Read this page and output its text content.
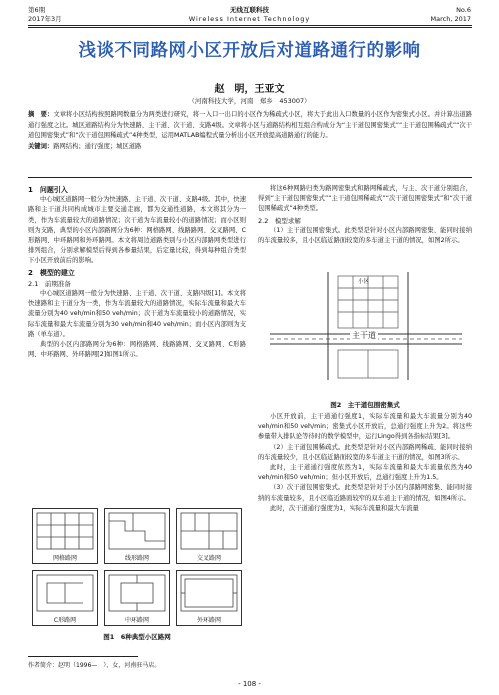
第6期
2017年3月
无线互联科技
Wireless Internet Technology
No.6
March, 2017
浅谈不同路网小区开放后对道路通行的影响
赵　明，王亚文
（河南科技大学，河南　郑乡　453007）
摘　要：文章将小区结构按照路网数量分为两类进行研究，将一入口一出口的小区作为稀疏式小区，将大于此出入口数量的小区作为密集式小区。并计算出道路通行强度之比。城区道路结构分为快速路、主干道、次干道、支路4级。文章将小区与道路结构相互组合构成分为“主干道包围密集式”“主干道包围稀疏式”“次干道包围密集式”和“次干道包围稀疏式”4种类型，运用MATLAB编程式量分析出小区开放提高道路通行的能力。
关键词：路网结构；通行强度；城区道路

1　问题引入

中心城区道路网一般分为快速路、主干道、次干道、支路4级。其中，快速路和主干道共同构成城市主要交通走廊，都为交通性道路，本文将其分为一类，作为车流量较大的道路情况；次干道为车流量较小的道路情况；而小区则则为支路，典型的小区内部路网分为6种：网格路网、线路路网、交叉路网、C形路网、中环路网和外环路网。本文将周边道路类别与小区内部路网类型进行排列组合，分别求解模型后得到各参量结果，后定量比较，得到每种组合类型下小区开放前后的影响。

2　模型的建立

2.1　前期准备

中心城区道路网一般分为快速路、主干道、次干道、支路四级[1]。本文将快速路和主干道分为一类，作为车流量较大的道路情况，实际车流量和最大车流量分别为40 veh/min和50 veh/min；次干道为车流量较小的道路情况，实际车流量和最大车流量分别为30 veh/min和40 veh/min；而小区内部则为支路（单车道）。

典型的小区内部路网分为6种：网格路网、线路路网、交叉路网、C形路网、中环路网、外环路网[2]如图1所示。

网格路网	线形路网	交叉路网
C形路网	中环路网	外环路网
图1　6种典型小区路网

将这6种网路归类为路网密集式和路网稀疏式，与主、次干道分别组合，得到“主干道包围密集式”“主干道包围稀疏式”“次干道包围密集式”和“次干道包围稀疏式”4种类型。

2.2　模型求解

（1）主干道包围密集式。此类型是针对小区内部路网密集、能同时接纳的车流量较多，且小区临近路面较宽的多车道主干道的情况，如图2所示。

小区
主干道
图2　主干道包围密集式

小区开放前，主干道通行强度1，实际车流量和最大车流量分别为40 veh/min和50 veh/min；密集式小区开放后，总通行强度上升为2。将这些参量带入排队论等待时的数学模型中，运行Lingo得到各指标结果[3]。

（2）主干道包围稀疏式。此类型是针对小区内部路网稀疏、能同时接纳的车流量较少，且小区临近路面较宽的多车道主干道的情况，如图3所示。

此时，主干道通行强度依然为1，实际车流量和最大车流量依然为40 veh/min和50 veh/min；但小区开放后，总通行强度上升为1.5。

（3）次干道包围密集式。此类型是针对于小区内部路网密集、能同时接纳的车流量较多，且小区临近路面较窄的双车道主干道的情况，如图4所示。

此时，次干道通行强度为1，实际车流量和最大车流量

作者简介：赵明（1996—　），女，河南驻马店。
- 108 -
